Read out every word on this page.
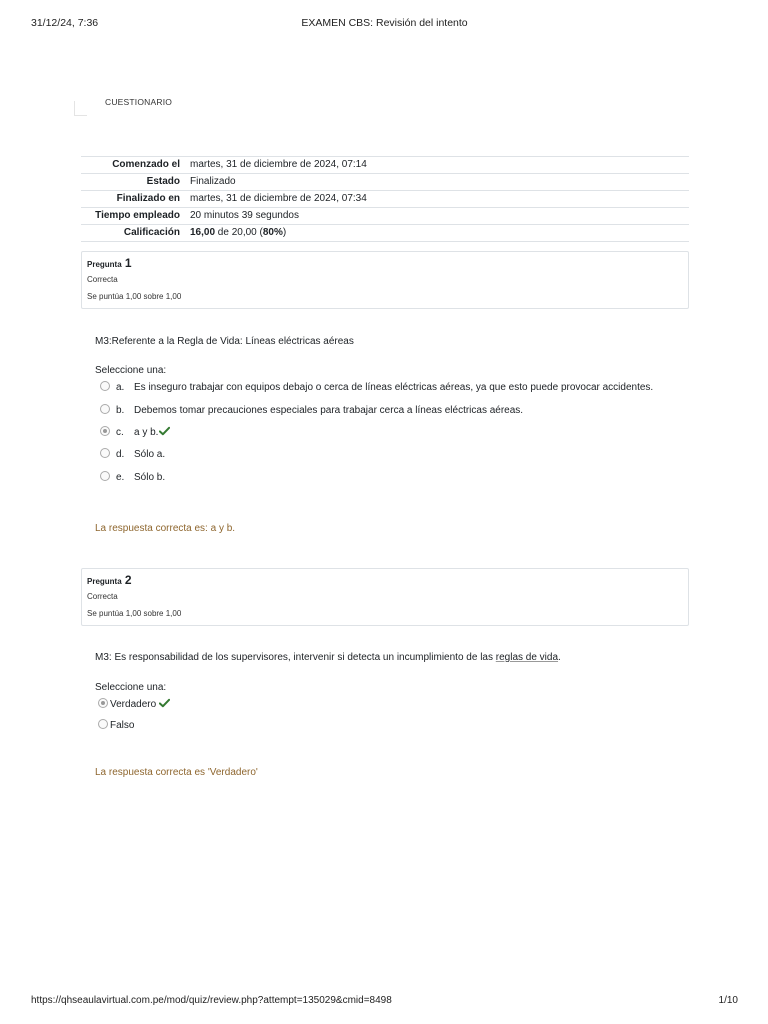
31/12/24, 7:36	EXAMEN CBS: Revisión del intento
CUESTIONARIO
Comenzado el	martes, 31 de diciembre de 2024, 07:14
Estado	Finalizado
Finalizado en	martes, 31 de diciembre de 2024, 07:34
Tiempo empleado	20 minutos 39 segundos
Calificación	16,00 de 20,00 (80%)
Pregunta 1
Correcta
Se puntúa 1,00 sobre 1,00
M3:Referente a la Regla de Vida: Líneas eléctricas aéreas
Seleccione una:
a. Es inseguro trabajar con equipos debajo o cerca de líneas eléctricas aéreas, ya que esto puede provocar accidentes.
b. Debemos tomar precauciones especiales para trabajar cerca a líneas eléctricas aéreas.
c. a y b.
d. Sólo a.
e. Sólo b.
La respuesta correcta es: a y b.
Pregunta 2
Correcta
Se puntúa 1,00 sobre 1,00
M3: Es responsabilidad de los supervisores, intervenir si detecta un incumplimiento de las reglas de vida.
Seleccione una:
Verdadero
Falso
La respuesta correcta es 'Verdadero'
https://qhseaulavirtual.com.pe/mod/quiz/review.php?attempt=135029&cmid=8498	1/10
